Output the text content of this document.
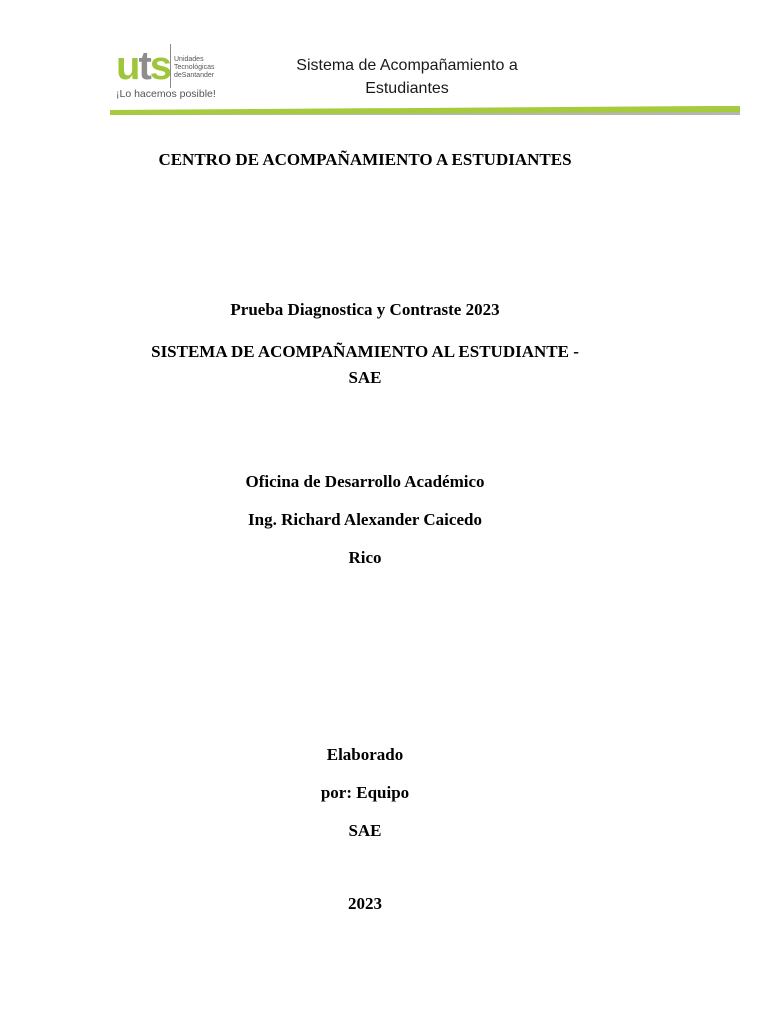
uts Unidades
Tecnológicas
deSantander
¡Lo hacemos posible!
Sistema de Acompañamiento a Estudiantes
CENTRO DE ACOMPAÑAMIENTO A ESTUDIANTES
Prueba Diagnostica y Contraste 2023
SISTEMA DE ACOMPAÑAMIENTO AL ESTUDIANTE -
SAE
Oficina de Desarrollo Académico
Ing. Richard Alexander Caicedo
Rico
Elaborado
por: Equipo
SAE
2023
